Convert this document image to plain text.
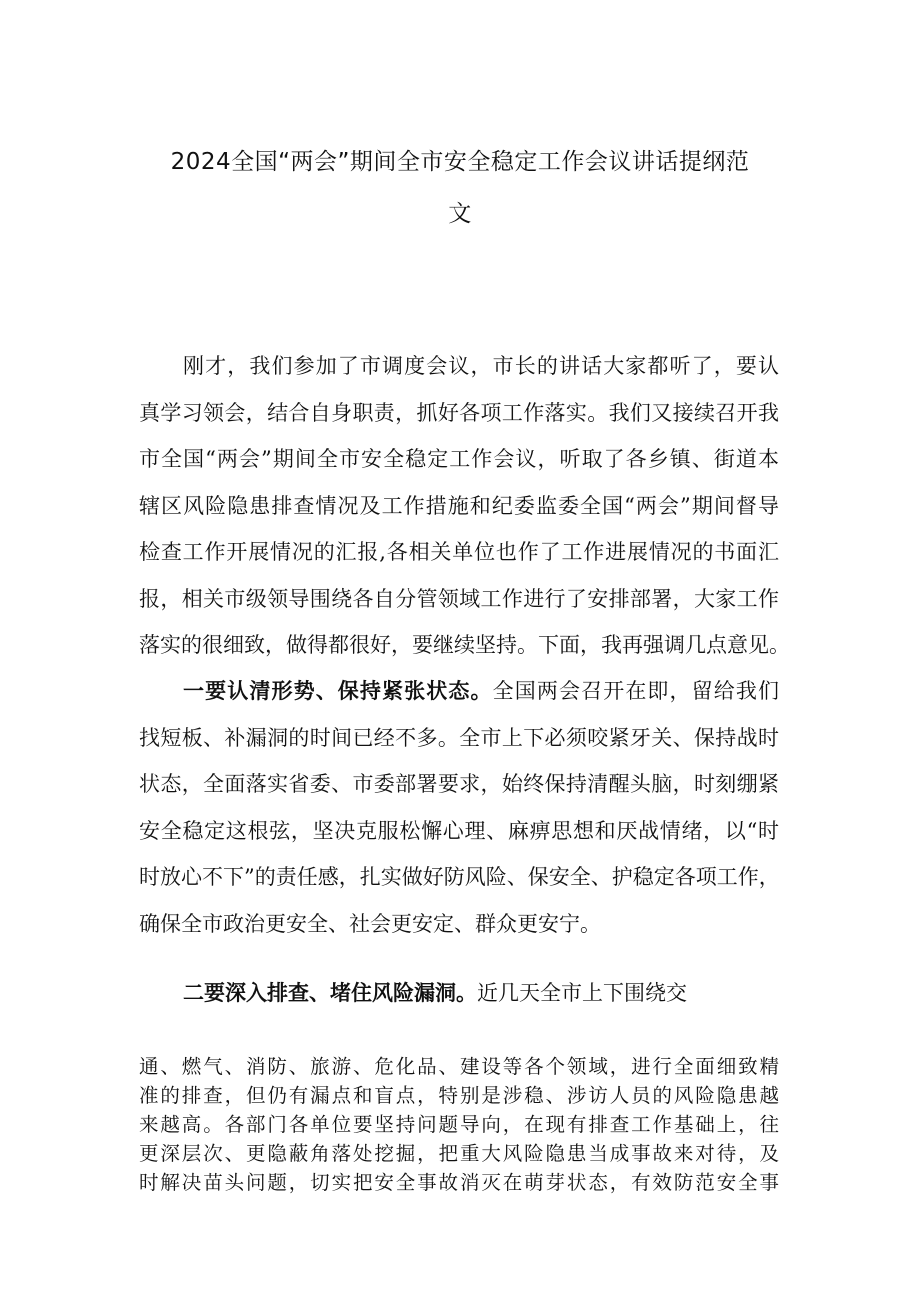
2024全国“两会”期间全市安全稳定工作会议讲话提纲范
文
刚才，我们参加了市调度会议，市长的讲话大家都听了，要认
真学习领会，结合自身职责，抓好各项工作落实。我们又接续召开我
市全国“两会”期间全市安全稳定工作会议，听取了各乡镇、街道本
辖区风险隐患排查情况及工作措施和纪委监委全国“两会”期间督导
检查工作开展情况的汇报,各相关单位也作了工作进展情况的书面汇
报，相关市级领导围绕各自分管领域工作进行了安排部署，大家工作
落实的很细致，做得都很好，要继续坚持。下面，我再强调几点意见。
一要认清形势、保持紧张状态。全国两会召开在即，留给我们
找短板、补漏洞的时间已经不多。全市上下必须咬紧牙关、保持战时
状态，全面落实省委、市委部署要求，始终保持清醒头脑，时刻绷紧
安全稳定这根弦，坚决克服松懈心理、麻痹思想和厌战情绪，以“时
时放心不下”的责任感，扎实做好防风险、保安全、护稳定各项工作，
确保全市政治更安全、社会更安定、群众更安宁。
二要深入排查、堵住风险漏洞。近几天全市上下围绕交
通、燃气、消防、旅游、危化品、建设等各个领域，进行全面细致精
准的排查，但仍有漏点和盲点，特别是涉稳、涉访人员的风险隐患越
来越高。各部门各单位要坚持问题导向，在现有排查工作基础上，往
更深层次、更隐蔽角落处挖掘，把重大风险隐患当成事故来对待，及
时解决苗头问题，切实把安全事故消灭在萌芽状态，有效防范安全事
